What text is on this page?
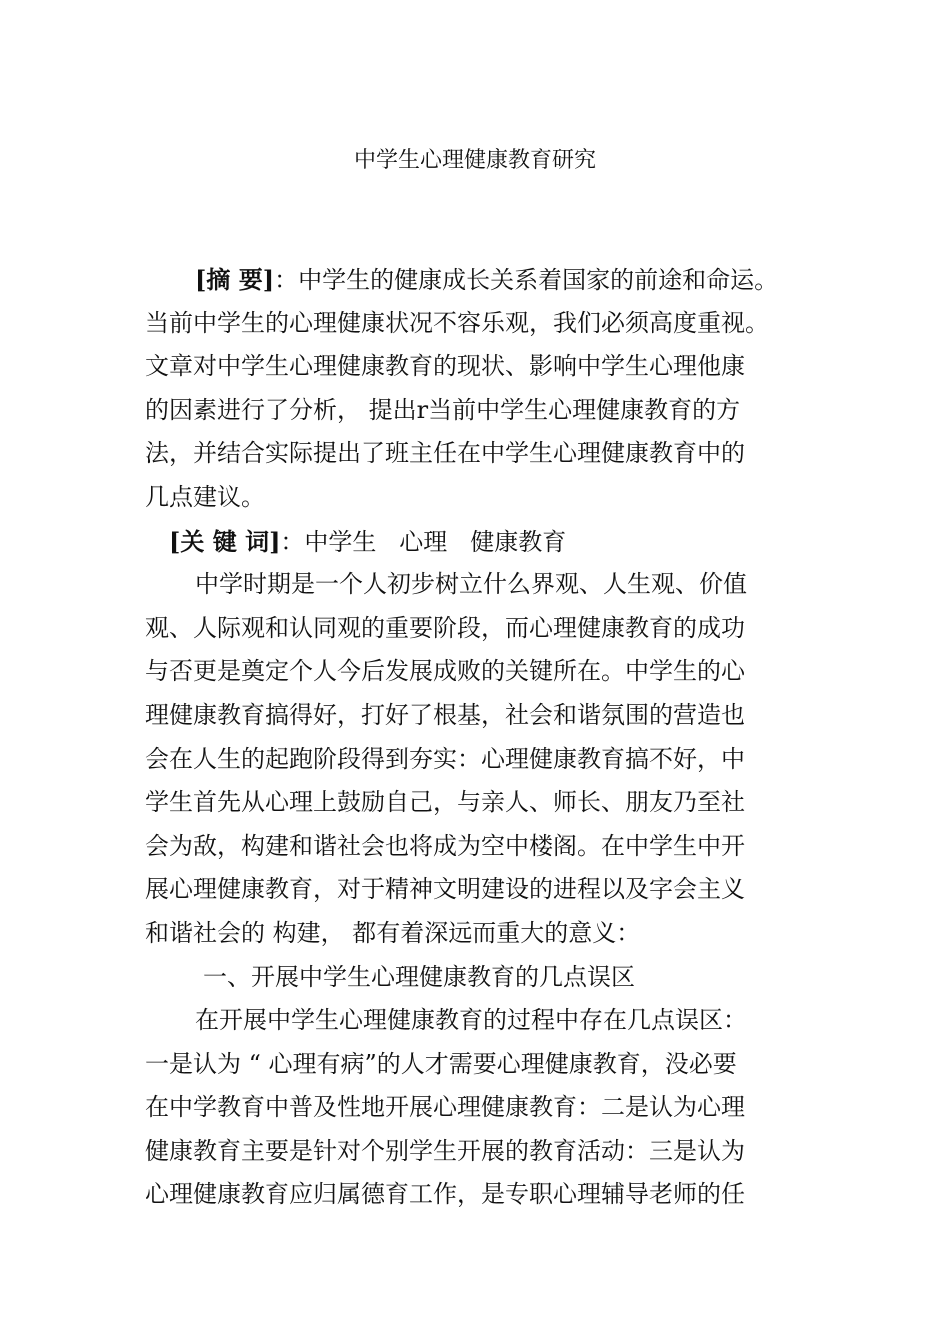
中学生心理健康教育研究

[摘 要]：中学生的健康成长关系着国家的前途和命运。
当前中学生的心理健康状况不容乐观，我们必须高度重视。
文章对中学生心理健康教育的现状、影响中学生心理他康
的因素进行了分析， 提出r当前中学生心理健康教育的方
法，并结合实际提出了班主任在中学生心理健康教育中的
几点建议。

[关 键 词]：中学生   心理   健康教育

中学时期是一个人初步树立什么界观、人生观、价值
观、人际观和认同观的重要阶段，而心理健康教育的成功
与否更是奠定个人今后发展成败的关键所在。中学生的心
理健康教育搞得好，打好了根基，社会和谐氛围的营造也
会在人生的起跑阶段得到夯实：心理健康教育搞不好，中
学生首先从心理上鼓励自己，与亲人、师长、朋友乃至社
会为敌，构建和谐社会也将成为空中楼阁。在中学生中开
展心理健康教育，对于精神文明建设的进程以及字会主义
和谐社会的 构建， 都有着深远而重大的意义：

一、开展中学生心理健康教育的几点误区

在开展中学生心理健康教育的过程中存在几点误区：
一是认为 “ 心理有病”的人才需要心理健康教育，没必要
在中学教育中普及性地开展心理健康教育：二是认为心理
健康教育主要是针对个别学生开展的教育活动：三是认为
心理健康教育应归属德育工作，是专职心理辅导老师的任
